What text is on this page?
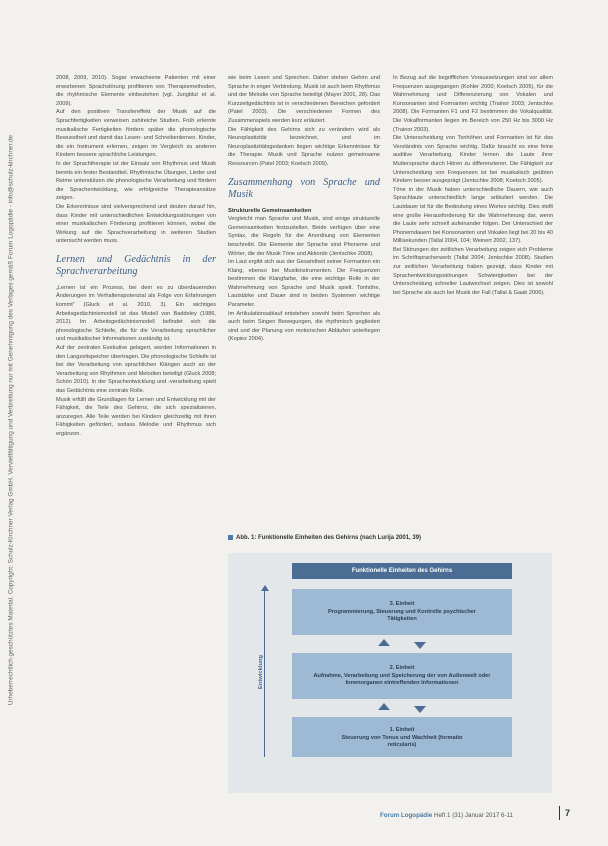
Urheberrechtlich geschütztes Material. Copyright: Schulz-Kirchner Verlag GmbH. Vervielfältigung und Verbreitung nur mit Genehmigung des Verlages gemäß Forum Logopädie - info@schulz-kirchner.de

2008, 2009, 2010). Sogar erwachsene Patienten mit einer erworbenen Sprachstörung profitieren von Therapiemethoden, die rhythmische Elemente einbeziehen (vgl. Jungblut et al. 2009).

Auf den positiven Transfereffekt der Musik auf die Sprachfertigkeiten verweisen zahlreiche Studien. Früh erlernte musikalische Fertigkeiten fördern später die phonologische Bewusstheit und damit das Lesen- und Schreibenlernen. Kinder, die ein Instrument erlernen, zeigen im Vergleich zu anderen Kindern bessere sprachliche Leistungen.

In der Sprachtherapie ist der Einsatz von Rhythmus und Musik bereits ein fester Bestandteil. Rhythmische Übungen, Lieder und Reime unterstützen die phonologische Verarbeitung und fördern die Sprachentwicklung, wie erfolgreiche Therapieansätze zeigen.

Die Erkenntnisse sind vielversprechend und deuten darauf hin, dass Kinder mit unterschiedlichen Entwicklungsstörungen von einer musikalischen Förderung profitieren können, wobei die Wirkung auf die Sprachverarbeitung in weiteren Studien untersucht werden muss.

Lernen und Gedächtnis in der Sprachverarbeitung

„Lernen ist ein Prozess, bei dem es zu überdauernden Änderungen im Verhaltenspotenzial als Folge von Erfahrungen kommt“ (Gluck et al. 2010, 3). Ein wichtiges Arbeitsgedächtnismodell ist das Modell von Baddeley (1986, 2012). Im Arbeitsgedächtnismodell befindet sich die phonologische Schleife, die für die Verarbeitung sprachlicher und musikalischer Informationen zuständig ist.

Auf der zentralen Exekutive gelagert, werden Informationen in den Langzeitspeicher übertragen. Die phonologische Schleife ist bei der Verarbeitung von sprachlichen Klängen auch an der Verarbeitung von Rhythmen und Melodien beteiligt (Gluck 2008; Schön 2010). In der Sprachentwicklung und -verarbeitung spielt das Gedächtnis eine zentrale Rolle.

Musik erfüllt die Grundlagen für Lernen und Entwicklung mit der Fähigkeit, die Teile des Gehirns, die sich spezialisieren, anzuregen. Alle Teile werden bei Kindern gleichzeitig mit ihren Fähigkeiten gefördert, sodass Melodie und Rhythmus sich ergänzen.

wie beim Lesen und Sprechen. Daher stehen Gehirn und Sprache in enger Verbindung. Musik ist auch beim Rhythmus und der Melodie von Sprache beteiligt (Mayer 2001, 28). Das Kurzzeitgedächtnis ist in verschiedenen Bereichen gefordert (Patel 2003). Die verschiedenen Formen des Zusammenspiels werden kurz erläutert.

Die Fähigkeit des Gehirns sich zu verändern wird als Neuroplastizität bezeichnet, und im Neuroplastizitätsgedanken liegen wichtige Erkenntnisse für die Therapie. Musik und Sprache nutzen gemeinsame Ressourcen (Patel 2003; Koelsch 2009).

Zusammenhang von Sprache und Musik
Strukturelle Gemeinsamkeiten

Vergleicht man Sprache und Musik, sind einige strukturelle Gemeinsamkeiten festzustellen. Beide verfügen über eine Syntax, die Regeln für die Anordnung von Elementen beschreibt. Die Elemente der Sprache sind Phoneme und Wörter, die der Musik Töne und Akkorde (Jentschke 2008).

Im Laut ergibt sich aus der Gesamtheit seiner Formanten ein Klang, ebenso bei Musikinstrumenten. Die Frequenzen bestimmen die Klangfarbe, die eine wichtige Rolle in der Wahrnehmung von Sprache und Musik spielt. Tonhöhe, Lautstärke und Dauer sind in beiden Systemen wichtige Parameter.

Im Artikulationsablauf entstehen sowohl beim Sprechen als auch beim Singen Bewegungen, die rhythmisch gegliedert sind und der Planung von motorischen Abläufen unterliegen (Kopiez 2004).

In Bezug auf die begrifflichen Voraussetzungen sind vor allem Frequenzen ausgegangen (Kohler 2000; Koelsch 2005), für die Wahrnehmung und Differenzierung von Vokalen und Konsonanten sind Formanten wichtig (Trainor 2003; Jentschke 2008). Die Formanten F1 und F2 bestimmen die Vokalqualität. Die Vokalformanten liegen im Bereich von 250 Hz bis 3000 Hz (Trainor 2003).

Die Unterscheidung von Tonhöhen und Formanten ist für das Verständnis von Sprache wichtig. Dafür braucht es eine feine auditive Verarbeitung. Kinder lernen die Laute ihrer Muttersprache durch Hören zu differenzieren. Die Fähigkeit zur Unterscheidung von Frequenzen ist bei musikalisch geübten Kindern besser ausgeprägt (Jentschke 2008; Koelsch 2005).

Töne in der Musik haben unterschiedliche Dauern, wie auch Sprachlaute unterschiedlich lange artikuliert werden. Die Lautdauer ist für die Bedeutung eines Wortes wichtig. Dies stellt eine große Herausforderung für die Wahrnehmung dar, wenn die Laute sehr schnell aufeinander folgen. Der Unterschied der Phonemdauern bei Konsonanten und Vokalen liegt bei 20 bis 40 Millisekunden (Tallal 2004, 104; Weinert 2002, 137).

Bei Störungen der zeitlichen Verarbeitung zeigen sich Probleme im Schriftspracherwerb (Tallal 2004; Jentschke 2008). Studien zur zeitlichen Verarbeitung haben gezeigt, dass Kinder mit Sprachentwicklungsstörungen Schwierigkeiten bei der Unterscheidung schneller Lautwechsel zeigen. Dies ist sowohl bei Sprache als auch bei Musik der Fall (Tallal & Gaab 2006).

Abb. 1: Funktionelle Einheiten des Gehirns (nach Lurija 2001, 39)
Funktionelle Einheiten des Gehirns
Entwicklung
3. Einheit
Programmierung, Steuerung und Kontrolle psychischer Tätigkeiten
2. Einheit
Aufnahme, Verarbeitung und Speicherung der von Außenwelt oder Innenorganen eintreffenden Informationen
1. Einheit
Steuerung von Tonus und Wachheit (formatio reticularis)
Forum Logopädie Heft 1 (31) Januar 2017 6-11	7
